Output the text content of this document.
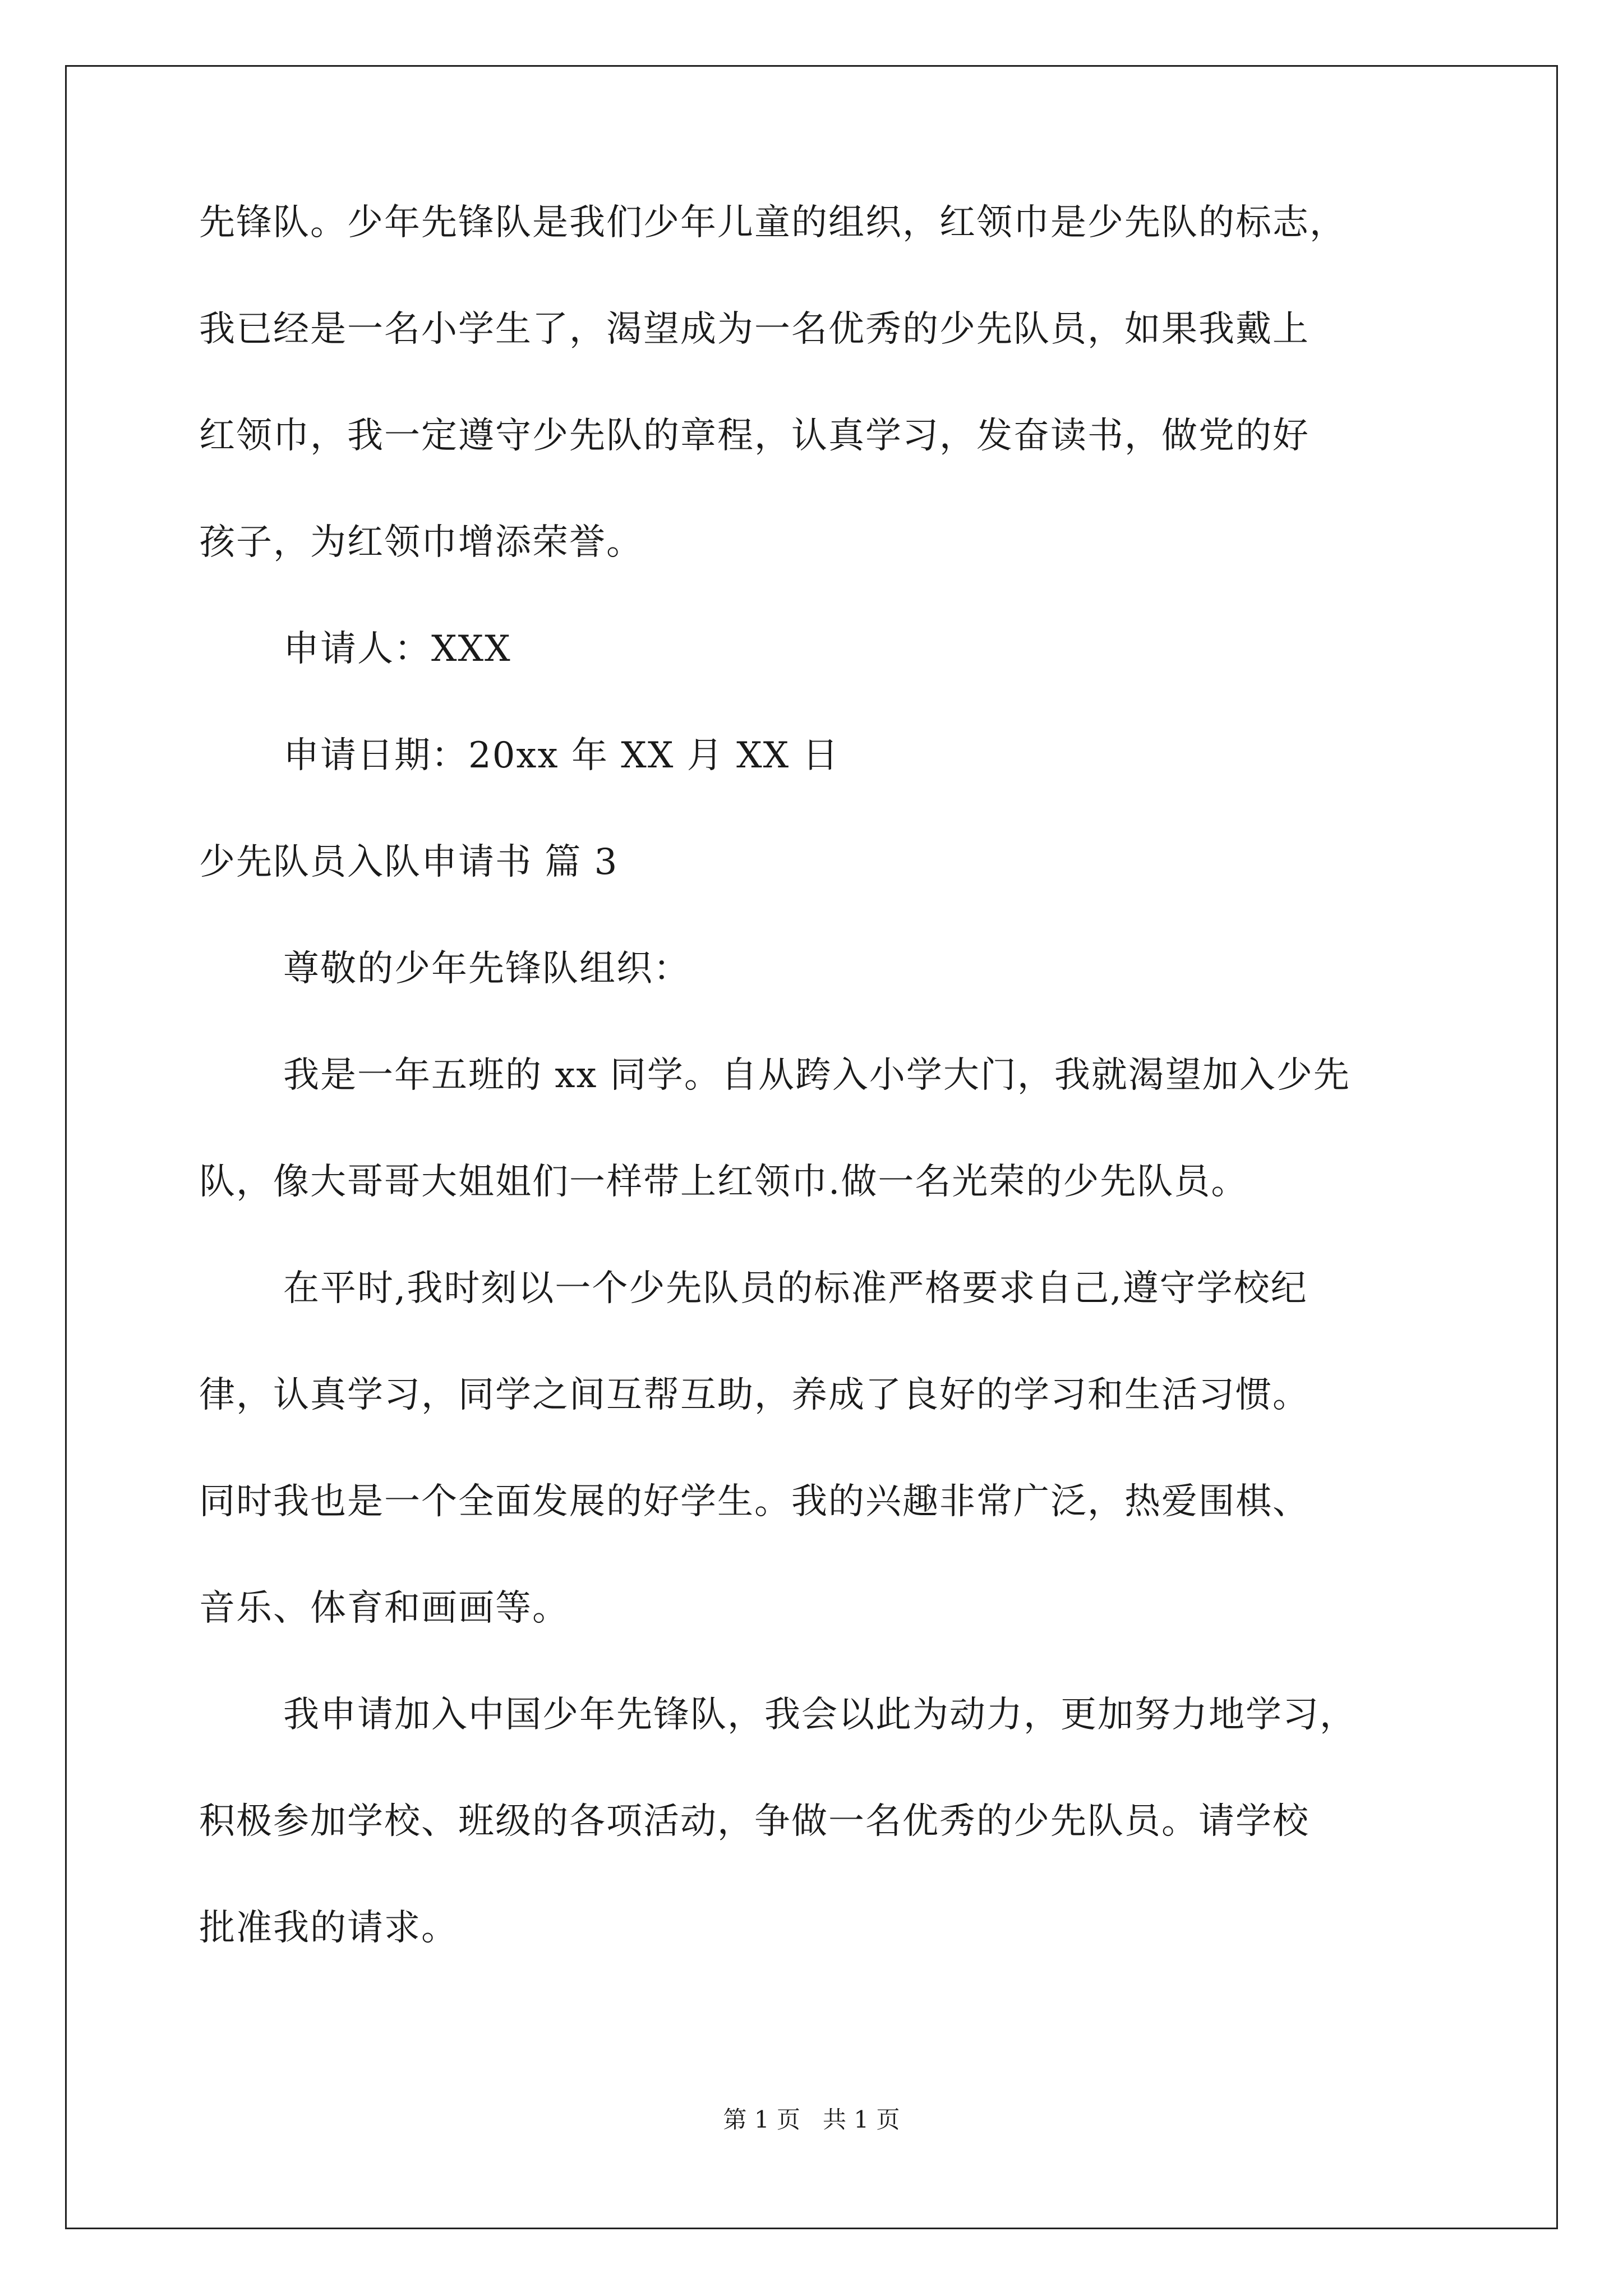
先锋队。少年先锋队是我们少年儿童的组织，红领巾是少先队的标志，

我已经是一名小学生了，渴望成为一名优秀的少先队员，如果我戴上

红领巾，我一定遵守少先队的章程，认真学习，发奋读书，做党的好

孩子，为红领巾增添荣誉。

申请人：XXX

申请日期：20xx 年 XX 月 XX 日

少先队员入队申请书 篇 3

尊敬的少年先锋队组织：

我是一年五班的 xx 同学。自从跨入小学大门，我就渴望加入少先

队，像大哥哥大姐姐们一样带上红领巾.做一名光荣的少先队员。

在平时,我时刻以一个少先队员的标准严格要求自己,遵守学校纪

律，认真学习，同学之间互帮互助，养成了良好的学习和生活习惯。

同时我也是一个全面发展的好学生。我的兴趣非常广泛，热爱围棋、

音乐、体育和画画等。

我申请加入中国少年先锋队，我会以此为动力，更加努力地学习，

积极参加学校、班级的各项活动，争做一名优秀的少先队员。请学校

批准我的请求。

第 1 页   共 1 页
